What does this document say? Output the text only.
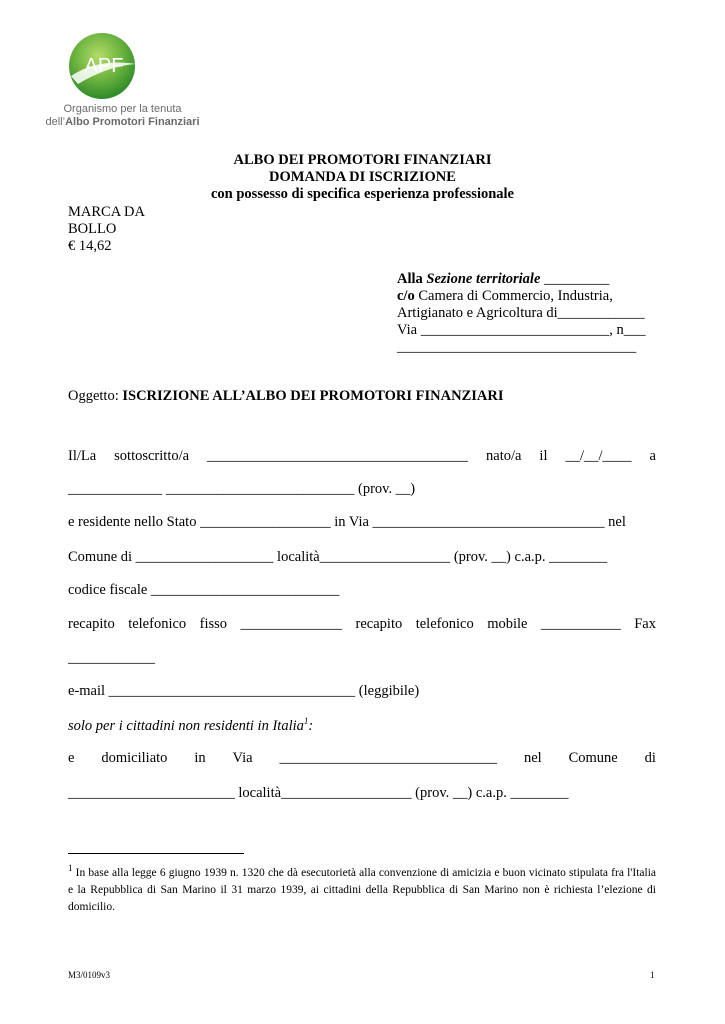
APF
Organismo per la tenuta
dell’Albo Promotori Finanziari
ALBO DEI PROMOTORI FINANZIARI
DOMANDA DI ISCRIZIONE
con possesso di specifica esperienza professionale
MARCA DA
BOLLO
€ 14,62
Alla Sezione territoriale _________
c/o Camera di Commercio, Industria,
Artigianato e Agricoltura di____________
Via __________________________, n___
_________________________________
Oggetto: ISCRIZIONE ALL’ALBO DEI PROMOTORI FINANZIARI
Il/La sottoscritto/a ____________________________________ nato/a il __/__/____ a
_____________ __________________________ (prov. __)
e residente nello Stato __________________ in Via ________________________________ nel
Comune di ___________________ località__________________ (prov. __) c.a.p. ________
codice fiscale __________________________
recapito telefonico fisso ______________ recapito telefonico mobile ___________ Fax
____________
e-mail __________________________________ (leggibile)
solo per i cittadini non residenti in Italia$^1$:
e domiciliato in Via ______________________________ nel Comune di
_______________________ località__________________ (prov. __) c.a.p. ________
$^1$ In base alla legge 6 giugno 1939 n. 1320 che dà esecutorietà alla convenzione di amicizia e buon vicinato stipulata fra l'Italia e la Repubblica di San Marino il 31 marzo 1939, ai cittadini della Repubblica di San Marino non è richiesta l’elezione di domicilio.
M3/0109v3	1
